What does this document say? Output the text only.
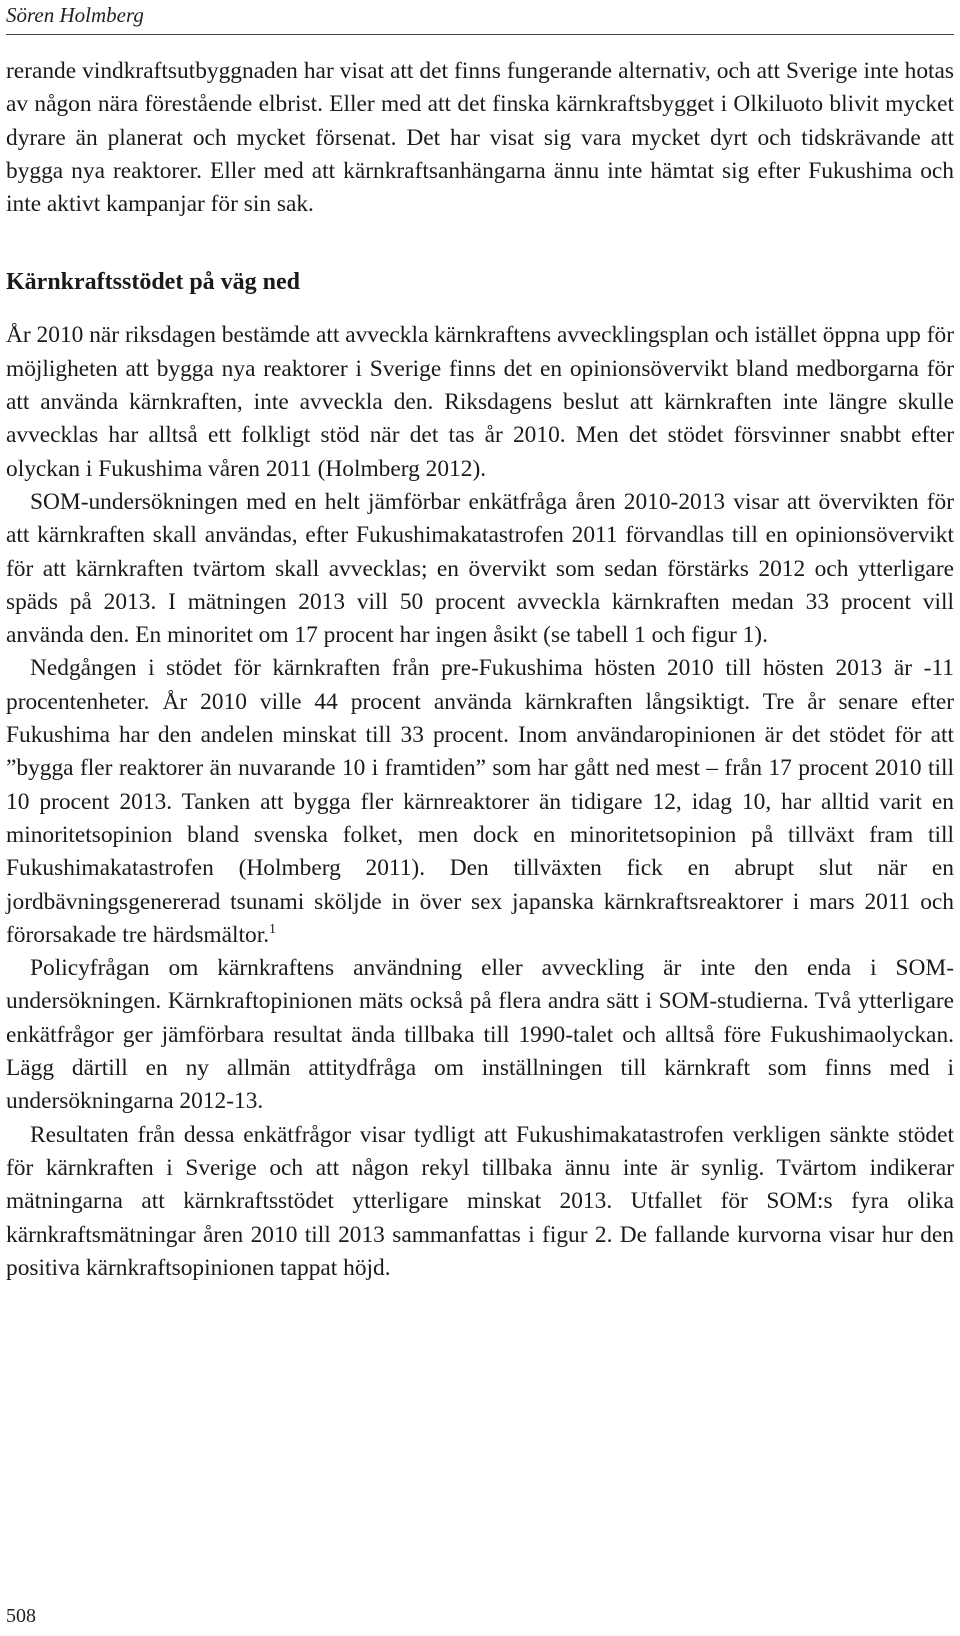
Sören Holmberg

rerande vindkraftsutbyggnaden har visat att det finns fungerande alternativ, och att Sverige inte hotas av någon nära förestående elbrist. Eller med att det finska kärnkraftsbygget i Olkiluoto blivit mycket dyrare än planerat och mycket försenat. Det har visat sig vara mycket dyrt och tidskrävande att bygga nya reaktorer. Eller med att kärnkraftsanhängarna ännu inte hämtat sig efter Fukushima och inte aktivt kampanjar för sin sak.

Kärnkraftsstödet på väg ned

År 2010 när riksdagen bestämde att avveckla kärnkraftens avvecklingsplan och istället öppna upp för möjligheten att bygga nya reaktorer i Sverige finns det en opinionsövervikt bland medborgarna för att använda kärnkraften, inte avveckla den. Riksdagens beslut att kärnkraften inte längre skulle avvecklas har alltså ett folkligt stöd när det tas år 2010. Men det stödet försvinner snabbt efter olyckan i Fukushima våren 2011 (Holmberg 2012).

SOM-undersökningen med en helt jämförbar enkätfråga åren 2010-2013 visar att övervikten för att kärnkraften skall användas, efter Fukushimakatastrofen 2011 förvandlas till en opinionsövervikt för att kärnkraften tvärtom skall avvecklas; en övervikt som sedan förstärks 2012 och ytterligare späds på 2013. I mätningen 2013 vill 50 procent avveckla kärnkraften medan 33 procent vill använda den. En minoritet om 17 procent har ingen åsikt (se tabell 1 och figur 1).

Nedgången i stödet för kärnkraften från pre-Fukushima hösten 2010 till hösten 2013 är -11 procentenheter. År 2010 ville 44 procent använda kärnkraften långsiktigt. Tre år senare efter Fukushima har den andelen minskat till 33 procent. Inom användaropinionen är det stödet för att ”bygga fler reaktorer än nuvarande 10 i framtiden” som har gått ned mest – från 17 procent 2010 till 10 procent 2013. Tanken att bygga fler kärnreaktorer än tidigare 12, idag 10, har alltid varit en minoritetsopinion bland svenska folket, men dock en minoritetsopinion på tillväxt fram till Fukushimakatastrofen (Holmberg 2011). Den tillväxten fick en abrupt slut när en jordbävningsgenererad tsunami sköljde in över sex japanska kärnkraftsreaktorer i mars 2011 och förorsakade tre härdsmältor.$^1$

Policyfrågan om kärnkraftens användning eller avveckling är inte den enda i SOM-undersökningen. Kärnkraftopinionen mäts också på flera andra sätt i SOM-studierna. Två ytterligare enkätfrågor ger jämförbara resultat ända tillbaka till 1990-talet och alltså före Fukushimaolyckan. Lägg därtill en ny allmän attitydfråga om inställningen till kärnkraft som finns med i undersökningarna 2012-13.

Resultaten från dessa enkätfrågor visar tydligt att Fukushimakatastrofen verkligen sänkte stödet för kärnkraften i Sverige och att någon rekyl tillbaka ännu inte är synlig. Tvärtom indikerar mätningarna att kärnkraftsstödet ytterligare minskat 2013. Utfallet för SOM:s fyra olika kärnkraftsmätningar åren 2010 till 2013 sammanfattas i figur 2. De fallande kurvorna visar hur den positiva kärnkraftsopinionen tappat höjd.

508
